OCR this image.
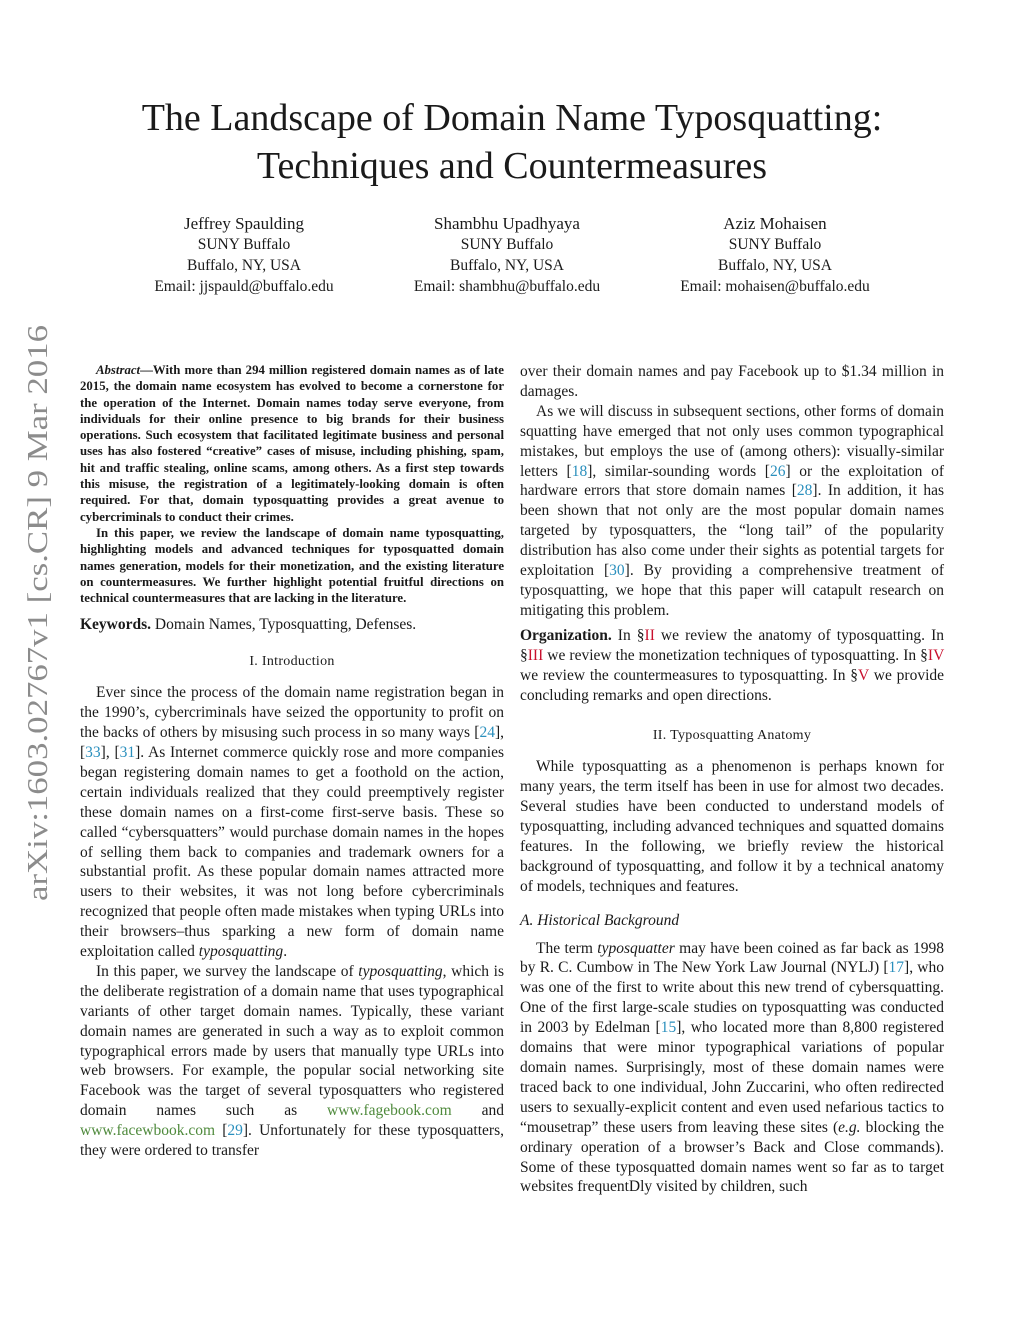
arXiv:1603.02767v1 [cs.CR] 9 Mar 2016
The Landscape of Domain Name Typosquatting:
Techniques and Countermeasures
Jeffrey Spaulding
SUNY Buffalo
Buffalo, NY, USA
Email: jjspauld@buffalo.edu
Shambhu Upadhyaya
SUNY Buffalo
Buffalo, NY, USA
Email: shambhu@buffalo.edu
Aziz Mohaisen
SUNY Buffalo
Buffalo, NY, USA
Email: mohaisen@buffalo.edu

Abstract—With more than 294 million registered domain names as of late 2015, the domain name ecosystem has evolved to become a cornerstone for the operation of the Internet. Domain names today serve everyone, from individuals for their online presence to big brands for their business operations. Such ecosystem that facilitated legitimate business and personal uses has also fostered “creative” cases of misuse, including phishing, spam, hit and traffic stealing, online scams, among others. As a first step towards this misuse, the registration of a legitimately-looking domain is often required. For that, domain typosquatting provides a great avenue to cybercriminals to conduct their crimes.

In this paper, we review the landscape of domain name typosquatting, highlighting models and advanced techniques for typosquatted domain names generation, models for their monetization, and the existing literature on countermeasures. We further highlight potential fruitful directions on technical countermeasures that are lacking in the literature.

Keywords. Domain Names, Typosquatting, Defenses.

I. Introduction

Ever since the process of the domain name registration began in the 1990’s, cybercriminals have seized the opportunity to profit on the backs of others by misusing such process in so many ways [24], [33], [31]. As Internet commerce quickly rose and more companies began registering domain names to get a foothold on the action, certain individuals realized that they could preemptively register these domain names on a first-come first-serve basis. These so called “cybersquatters” would purchase domain names in the hopes of selling them back to companies and trademark owners for a substantial profit. As these popular domain names attracted more users to their websites, it was not long before cybercriminals recognized that people often made mistakes when typing URLs into their browsers–thus sparking a new form of domain name exploitation called typosquatting.

In this paper, we survey the landscape of typosquatting, which is the deliberate registration of a domain name that uses typographical variants of other target domain names. Typically, these variant domain names are generated in such a way as to exploit common typographical errors made by users that manually type URLs into web browsers. For example, the popular social networking site Facebook was the target of several typosquatters who registered domain names such as www.fagebook.com and www.facewbook.com [29]. Unfortunately for these typosquatters, they were ordered to transfer

over their domain names and pay Facebook up to $1.34 million in damages.

As we will discuss in subsequent sections, other forms of domain squatting have emerged that not only uses common typographical mistakes, but employs the use of (among others): visually-similar letters [18], similar-sounding words [26] or the exploitation of hardware errors that store domain names [28]. In addition, it has been shown that not only are the most popular domain names targeted by typosquatters, the “long tail” of the popularity distribution has also come under their sights as potential targets for exploitation [30]. By providing a comprehensive treatment of typosquatting, we hope that this paper will catapult research on mitigating this problem.

Organization. In §II we review the anatomy of typosquatting. In §III we review the monetization techniques of typosquatting. In §IV we review the countermeasures to typosquatting. In §V we provide concluding remarks and open directions.

II. Typosquatting Anatomy

While typosquatting as a phenomenon is perhaps known for many years, the term itself has been in use for almost two decades. Several studies have been conducted to understand models of typosquatting, including advanced techniques and squatted domains features. In the following, we briefly review the historical background of typosquatting, and follow it by a technical anatomy of models, techniques and features.

A. Historical Background

The term typosquatter may have been coined as far back as 1998 by R. C. Cumbow in The New York Law Journal (NYLJ) [17], who was one of the first to write about this new trend of cybersquatting. One of the first large-scale studies on typosquatting was conducted in 2003 by Edelman [15], who located more than 8,800 registered domains that were minor typographical variations of popular domain names. Surprisingly, most of these domain names were traced back to one individual, John Zuccarini, who often redirected users to sexually-explicit content and even used nefarious tactics to “mousetrap” these users from leaving these sites (e.g. blocking the ordinary operation of a browser’s Back and Close commands). Some of these typosquatted domain names went so far as to target websites frequentDly visited by children, such
